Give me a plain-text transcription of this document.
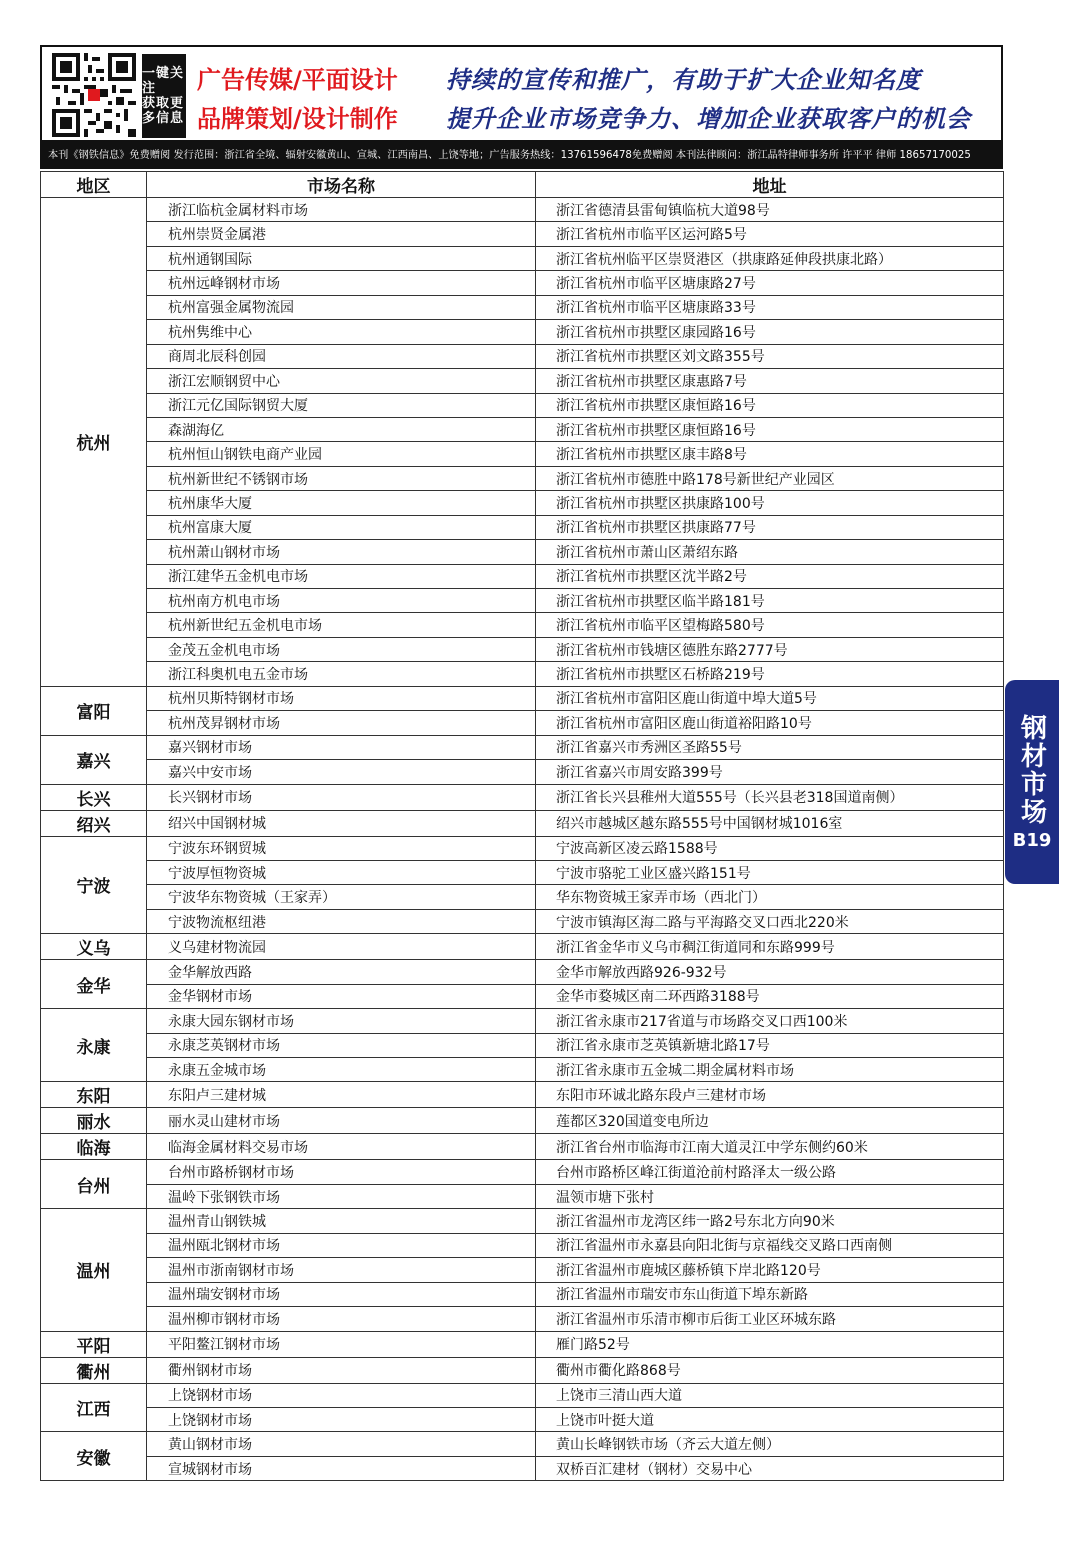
一键关注
获取更多信息
广告传媒/平面设计
品牌策划/设计制作
持续的宣传和推广，有助于扩大企业知名度
提升企业市场竞争力、增加企业获取客户的机会
本刊《钢铁信息》免费赠阅 发行范围：浙江省全境、辐射安徽黄山、宣城、江西南昌、上饶等地；广告服务热线：13761596478免费赠阅 本刊法律顾问：浙江晶特律师事务所 许平平 律师 18657170025
地区	市场名称	地址
杭州	浙江临杭金属材料市场	浙江省德清县雷甸镇临杭大道98号
	杭州崇贤金属港	浙江省杭州市临平区运河路5号
	杭州通钢国际	浙江省杭州临平区崇贤港区（拱康路延伸段拱康北路）
	杭州远峰钢材市场	浙江省杭州市临平区塘康路27号
	杭州富强金属物流园	浙江省杭州市临平区塘康路33号
	杭州隽维中心	浙江省杭州市拱墅区康园路16号
	商周北辰科创园	浙江省杭州市拱墅区刘文路355号
	浙江宏顺钢贸中心	浙江省杭州市拱墅区康惠路7号
	浙江元亿国际钢贸大厦	浙江省杭州市拱墅区康恒路16号
	森湖海亿	浙江省杭州市拱墅区康恒路16号
	杭州恒山钢铁电商产业园	浙江省杭州市拱墅区康丰路8号
	杭州新世纪不锈钢市场	浙江省杭州市德胜中路178号新世纪产业园区
	杭州康华大厦	浙江省杭州市拱墅区拱康路100号
	杭州富康大厦	浙江省杭州市拱墅区拱康路77号
	杭州萧山钢材市场	浙江省杭州市萧山区萧绍东路
	浙江建华五金机电市场	浙江省杭州市拱墅区沈半路2号
	杭州南方机电市场	浙江省杭州市拱墅区临半路181号
	杭州新世纪五金机电市场	浙江省杭州市临平区望梅路580号
	金茂五金机电市场	浙江省杭州市钱塘区德胜东路2777号
	浙江科奥机电五金市场	浙江省杭州市拱墅区石桥路219号
富阳	杭州贝斯特钢材市场	浙江省杭州市富阳区鹿山街道中埠大道5号
	杭州茂昇钢材市场	浙江省杭州市富阳区鹿山街道裕阳路10号
嘉兴	嘉兴钢材市场	浙江省嘉兴市秀洲区圣路55号
	嘉兴中安市场	浙江省嘉兴市周安路399号
长兴	长兴钢材市场	浙江省长兴县稚州大道555号（长兴县老318国道南侧）
绍兴	绍兴中国钢材城	绍兴市越城区越东路555号中国钢材城1016室
宁波	宁波东环钢贸城	宁波高新区凌云路1588号
	宁波厚恒物资城	宁波市骆驼工业区盛兴路151号
	宁波华东物资城（王家弄）	华东物资城王家弄市场（西北门）
	宁波物流枢纽港	宁波市镇海区海二路与平海路交叉口西北220米
义乌	义乌建材物流园	浙江省金华市义乌市稠江街道同和东路999号
金华	金华解放西路	金华市解放西路926-932号
	金华钢材市场	金华市婺城区南二环西路3188号
永康	永康大园东钢材市场	浙江省永康市217省道与市场路交叉口西100米
	永康芝英钢材市场	浙江省永康市芝英镇新塘北路17号
	永康五金城市场	浙江省永康市五金城二期金属材料市场
东阳	东阳卢三建材城	东阳市环诚北路东段卢三建材市场
丽水	丽水灵山建材市场	莲都区320国道变电所边
临海	临海金属材料交易市场	浙江省台州市临海市江南大道灵江中学东侧约60米
台州	台州市路桥钢材市场	台州市路桥区峰江街道沧前村路泽太一级公路
	温岭下张钢铁市场	温领市塘下张村
温州	温州青山钢铁城	浙江省温州市龙湾区纬一路2号东北方向90米
	温州瓯北钢材市场	浙江省温州市永嘉县向阳北街与京福线交叉路口西南侧
	温州市浙南钢材市场	浙江省温州市鹿城区藤桥镇下岸北路120号
	温州瑞安钢材市场	浙江省温州市瑞安市东山街道下埠东新路
	温州柳市钢材市场	浙江省温州市乐清市柳市后街工业区环城东路
平阳	平阳鳌江钢材市场	雁门路52号
衢州	衢州钢材市场	衢州市衢化路868号
江西	上饶钢材市场	上饶市三清山西大道
	上饶钢材市场	上饶市叶挺大道
安徽	黄山钢材市场	黄山长峰钢铁市场（齐云大道左侧）
	宣城钢材市场	双桥百汇建材（钢材）交易中心
钢材市场
B19
